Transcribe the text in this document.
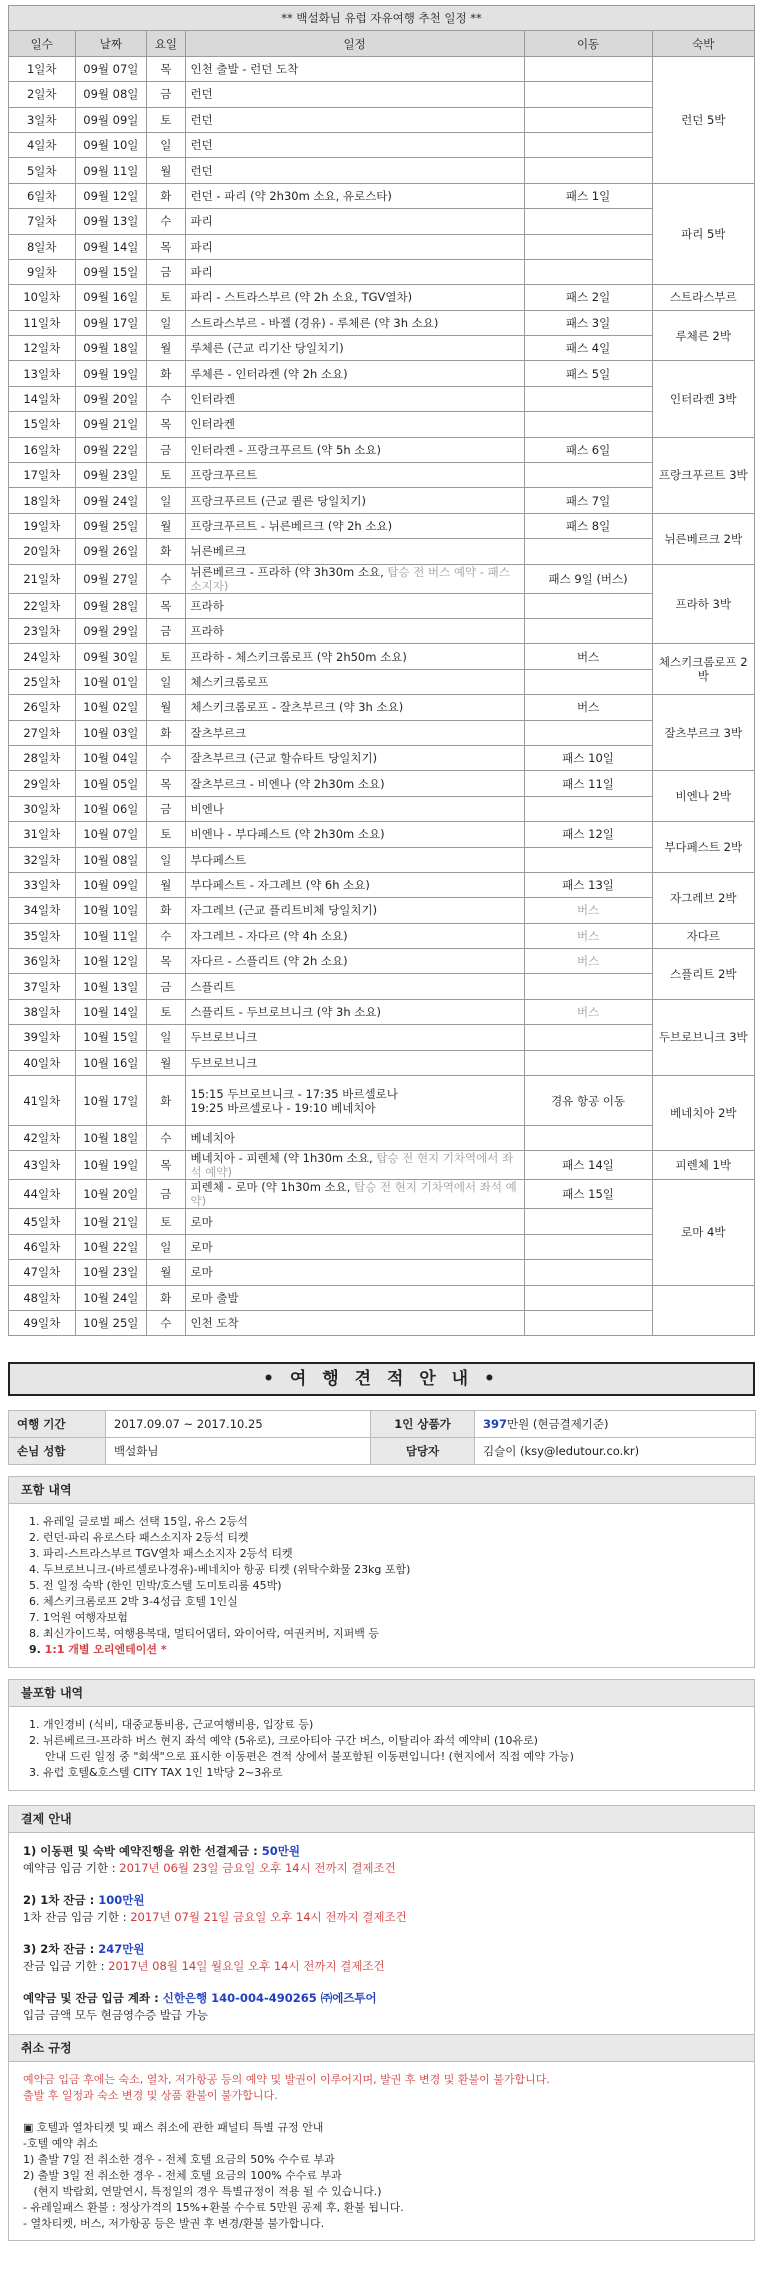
** 백설화님 유럽 자유여행 추천 일정 **					
일수	날짜	요일	일정	이동	숙박
1일차	09월 07일	목	인천 출발 - 런던 도착		런던 5박
2일차	09월 08일	금	런던		
3일차	09월 09일	토	런던		
4일차	09월 10일	일	런던		
5일차	09월 11일	월	런던		
6일차	09월 12일	화	런던 - 파리 (약 2h30m 소요, 유로스타)	패스 1일	파리 5박
7일차	09월 13일	수	파리		
8일차	09월 14일	목	파리		
9일차	09월 15일	금	파리		
10일차	09월 16일	토	파리 - 스트라스부르 (약 2h 소요, TGV열차)	패스 2일	스트라스부르
11일차	09월 17일	일	스트라스부르 - 바젤 (경유) - 루체른 (약 3h 소요)	패스 3일	루체른 2박
12일차	09월 18일	월	루체른 (근교 리기산 당일치기)	패스 4일	
13일차	09월 19일	화	루체른 - 인터라켄 (약 2h 소요)	패스 5일	인터라켄 3박
14일차	09월 20일	수	인터라켄		
15일차	09월 21일	목	인터라켄		
16일차	09월 22일	금	인터라켄 - 프랑크푸르트 (약 5h 소요)	패스 6일	프랑크푸르트 3박
17일차	09월 23일	토	프랑크푸르트		
18일차	09월 24일	일	프랑크푸르트 (근교 퀼른 당일치기)	패스 7일	
19일차	09월 25일	월	프랑크푸르트 - 뉘른베르크 (약 2h 소요)	패스 8일	뉘른베르크 2박
20일차	09월 26일	화	뉘른베르크		
21일차	09월 27일	수	뉘른베르크 - 프라하 (약 3h30m 소요, 탑승 전 버스 예약 - 패스소지자)	패스 9일 (버스)	프라하 3박
22일차	09월 28일	목	프라하		
23일차	09월 29일	금	프라하		
24일차	09월 30일	토	프라하 - 체스키크롬로프 (약 2h50m 소요)	버스	체스키크롬로프 2박
25일차	10월 01일	일	체스키크롬로프		
26일차	10월 02일	월	체스키크롬로프 - 잘츠부르크 (약 3h 소요)	버스	잘츠부르크 3박
27일차	10월 03일	화	잘츠부르크		
28일차	10월 04일	수	잘츠부르크 (근교 할슈타트 당일치기)	패스 10일	
29일차	10월 05일	목	잘츠부르크 - 비엔나 (약 2h30m 소요)	패스 11일	비엔나 2박
30일차	10월 06일	금	비엔나		
31일차	10월 07일	토	비엔나 - 부다페스트 (약 2h30m 소요)	패스 12일	부다페스트 2박
32일차	10월 08일	일	부다페스트		
33일차	10월 09일	월	부다페스트 - 자그레브 (약 6h 소요)	패스 13일	자그레브 2박
34일차	10월 10일	화	자그레브 (근교 플리트비체 당일치기)	버스	
35일차	10월 11일	수	자그레브 - 자다르 (약 4h 소요)	버스	자다르
36일차	10월 12일	목	자다르 - 스플리트 (약 2h 소요)	버스	스플리트 2박
37일차	10월 13일	금	스플리트		
38일차	10월 14일	토	스플리트 - 두브로브니크 (약 3h 소요)	버스	두브로브니크 3박
39일차	10월 15일	일	두브로브니크		
40일차	10월 16일	월	두브로브니크		
41일차	10월 17일	화	15:15 두브로브니크 - 17:35 바르셀로나
19:25 바르셀로나 - 19:10 베네치아	경유 항공 이동	베네치아 2박
42일차	10월 18일	수	베네치아		
43일차	10월 19일	목	베네치아 - 피렌체 (약 1h30m 소요, 탑승 전 현지 기차역에서 좌석 예약)	패스 14일	피렌체 1박
44일차	10월 20일	금	피렌체 - 로마 (약 1h30m 소요, 탑승 전 현지 기차역에서 좌석 예약)	패스 15일	로마 4박
45일차	10월 21일	토	로마		
46일차	10월 22일	일	로마		
47일차	10월 23일	월	로마		
48일차	10월 24일	화	로마 출발		
49일차	10월 25일	수	인천 도착		
• 여 행 견 적 안 내 •
여행 기간	2017.09.07 ~ 2017.10.25	1인 상품가	397만원 (현금결제기준)
손님 성함	백설화님	담당자	김슬이 (ksy@ledutour.co.kr)
포함 내역
1. 유레일 글로벌 패스 선택 15일, 유스 2등석
2. 런던-파리 유로스타 패스소지자 2등석 티켓
3. 파리-스트라스부르 TGV열차 패스소지자 2등석 티켓
4. 두브로브니크-(바르셀로나경유)-베네치아 항공 티켓 (위탁수화물 23kg 포함)
5. 전 일정 숙박 (한인 민박/호스텔 도미토리룸 45박)
6. 체스키크롬로프 2박 3-4성급 호텔 1인실
7. 1억원 여행자보험
8. 최신가이드북, 여행용복대, 멀티어댑터, 와이어락, 여권커버, 지퍼백 등
9. 1:1 개별 오리엔테이션 *
불포함 내역
1. 개인경비 (식비, 대중교통비용, 근교여행비용, 입장료 등)
2. 뉘른베르크-프라하 버스 현지 좌석 예약 (5유로), 크로아티아 구간 버스, 이탈리아 좌석 예약비 (10유로)
안내 드린 일정 중 "회색"으로 표시한 이동편은 견적 상에서 불포함된 이동편입니다! (현지에서 직접 예약 가능)
3. 유럽 호텔&호스텔 CITY TAX 1인 1박당 2~3유로
결제 안내
1) 이동편 및 숙박 예약진행을 위한 선결제금 : 50만원
예약금 입금 기한 : 2017년 06월 23일 금요일 오후 14시 전까지 결제조건
2) 1차 잔금 : 100만원
1차 잔금 입금 기한 : 2017년 07월 21일 금요일 오후 14시 전까지 결제조건
3) 2차 잔금 : 247만원
잔금 입금 기한 : 2017년 08월 14일 월요일 오후 14시 전까지 결제조건
예약금 및 잔금 입금 계좌 : 신한은행 140-004-490265 ㈜에즈투어
입금 금액 모두 현금영수증 발급 가능
취소 규정
예약금 입금 후에는 숙소, 열차, 저가항공 등의 예약 및 발권이 이루어지며, 발권 후 변경 및 환불이 불가합니다.
출발 후 일정과 숙소 변경 및 상품 환불이 불가합니다.
▣ 호텔과 열차티켓 및 패스 취소에 관한 패널티 특별 규정 안내
-호텔 예약 취소
1) 출발 7일 전 취소한 경우 - 전체 호텔 요금의 50% 수수료 부과
2) 출발 3일 전 취소한 경우 - 전체 호텔 요금의 100% 수수료 부과
(현지 박람회, 연말연시, 특정일의 경우 특별규정이 적용 될 수 있습니다.)
- 유레일패스 환불 : 정상가격의 15%+환불 수수료 5만원 공제 후, 환불 됩니다.
- 열차티켓, 버스, 저가항공 등은 발권 후 변경/환불 불가합니다.
